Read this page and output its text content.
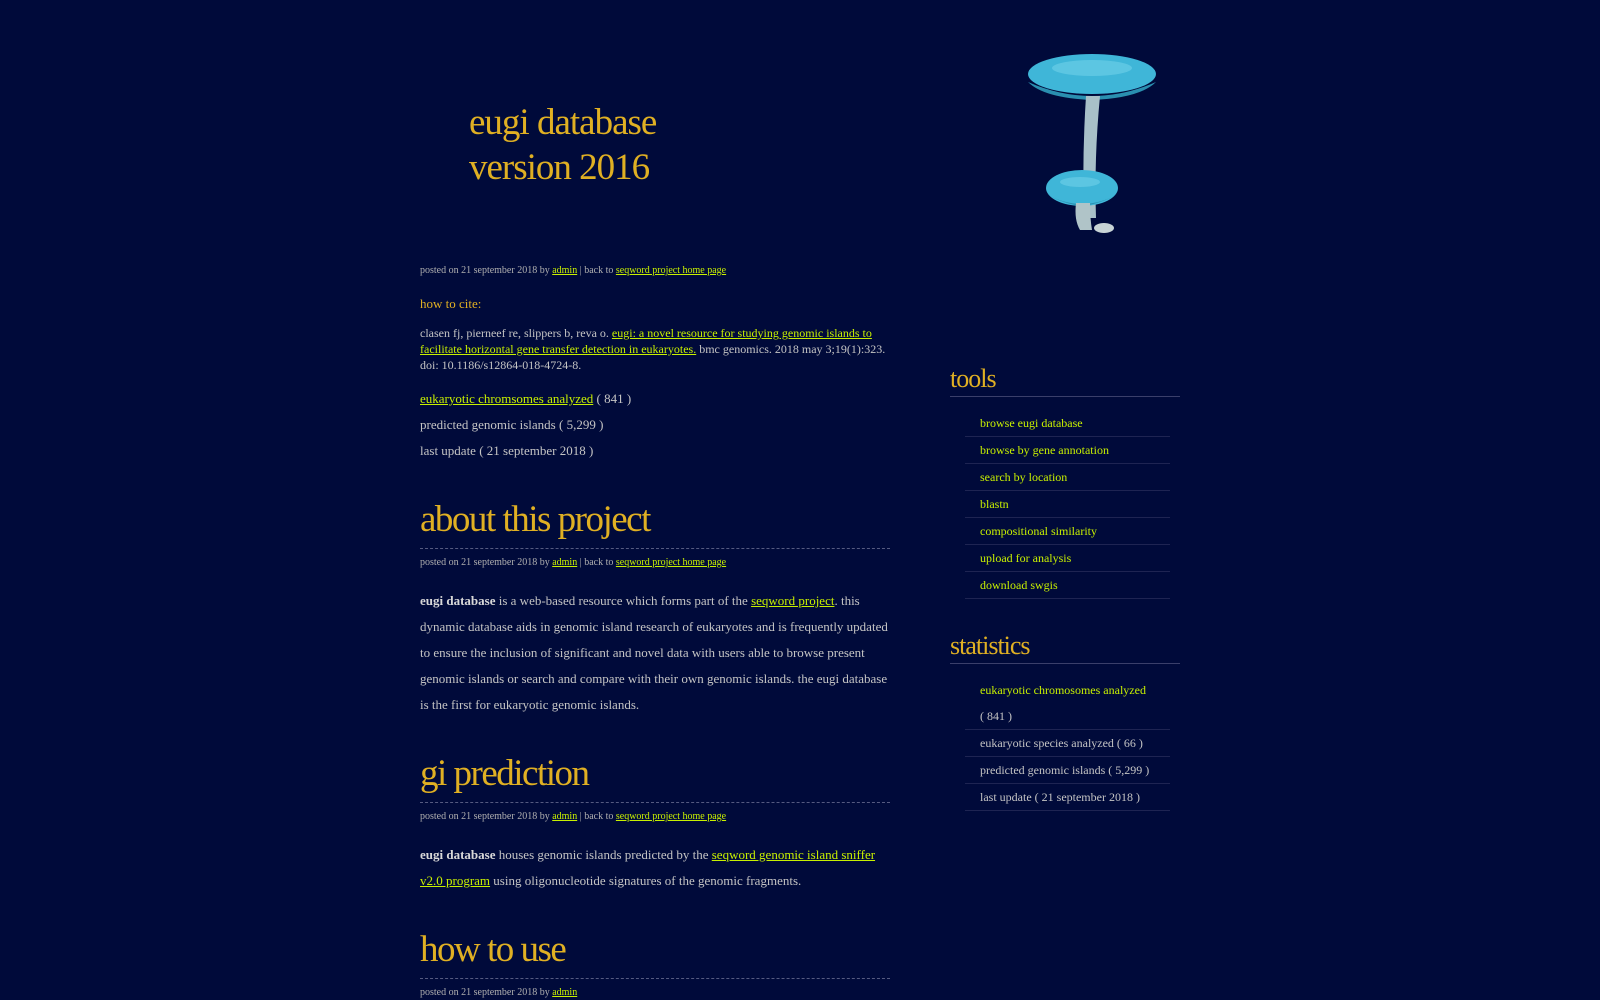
eugi database
version 2016
posted on 21 september 2018 by admin | back to seqword project home page
how to cite:
clasen fj, pierneef re, slippers b, reva o. eugi: a novel resource for studying genomic islands to facilitate horizontal gene transfer detection in eukaryotes. bmc genomics. 2018 may 3;19(1):323. doi: 10.1186/s12864-018-4724-8.
eukaryotic chromsomes analyzed ( 841 )
predicted genomic islands ( 5,299 )
last update ( 21 september 2018 )
about this project
posted on 21 september 2018 by admin | back to seqword project home page
eugi database is a web-based resource which forms part of the seqword project. this dynamic database aids in genomic island research of eukaryotes and is frequently updated to ensure the inclusion of significant and novel data with users able to browse present genomic islands or search and compare with their own genomic islands. the eugi database is the first for eukaryotic genomic islands.
gi prediction
posted on 21 september 2018 by admin | back to seqword project home page
eugi database houses genomic islands predicted by the seqword genomic island sniffer v2.0 program using oligonucleotide signatures of the genomic fragments.
how to use
posted on 21 september 2018 by admin
tools
browse eugi database
browse by gene annotation
search by location
blastn
compositional similarity
upload for analysis
download swgis
statistics
eukaryotic chromosomes analyzed
( 841 )
eukaryotic species analyzed ( 66 )
predicted genomic islands ( 5,299 )
last update ( 21 september 2018 )
